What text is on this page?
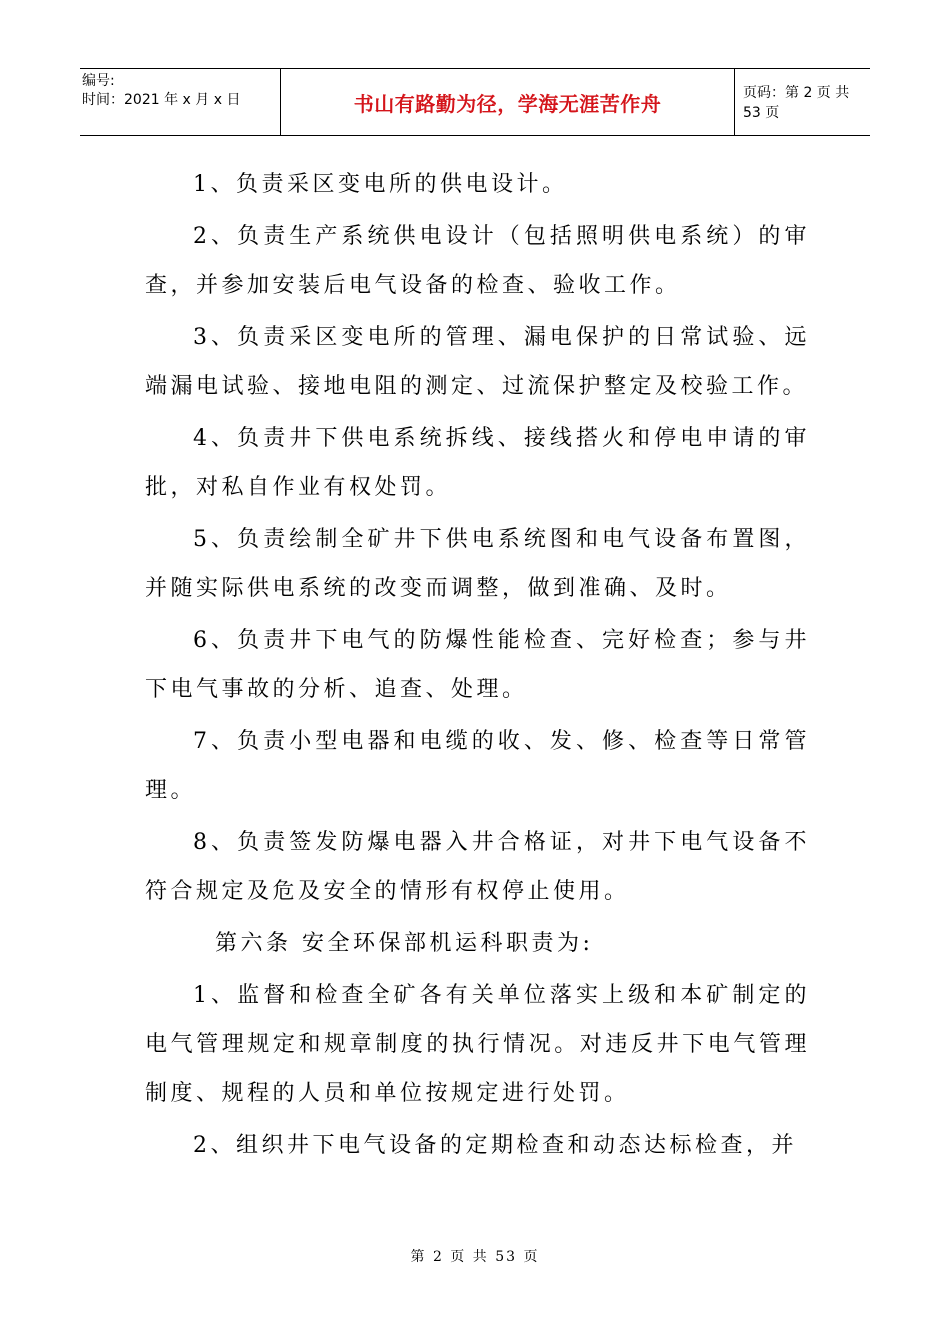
编号:
时间：2021 年 x 月 x 日	书山有路勤为径，学海无涯苦作舟	页码：第 2 页 共 53 页

1、负责采区变电所的供电设计。

2、负责生产系统供电设计（包括照明供电系统）的审查，并参加安装后电气设备的检查、验收工作。

3、负责采区变电所的管理、漏电保护的日常试验、远端漏电试验、接地电阻的测定、过流保护整定及校验工作。

4、负责井下供电系统拆线、接线搭火和停电申请的审批，对私自作业有权处罚。

5、负责绘制全矿井下供电系统图和电气设备布置图，并随实际供电系统的改变而调整，做到准确、及时。

6、负责井下电气的防爆性能检查、完好检查；参与井下电气事故的分析、追查、处理。

7、负责小型电器和电缆的收、发、修、检查等日常管理。

8、负责签发防爆电器入井合格证，对井下电气设备不符合规定及危及安全的情形有权停止使用。

第六条 安全环保部机运科职责为:

1、监督和检查全矿各有关单位落实上级和本矿制定的电气管理规定和规章制度的执行情况。对违反井下电气管理制度、规程的人员和单位按规定进行处罚。

2、组织井下电气设备的定期检查和动态达标检查，并

第 2 页 共 53 页
